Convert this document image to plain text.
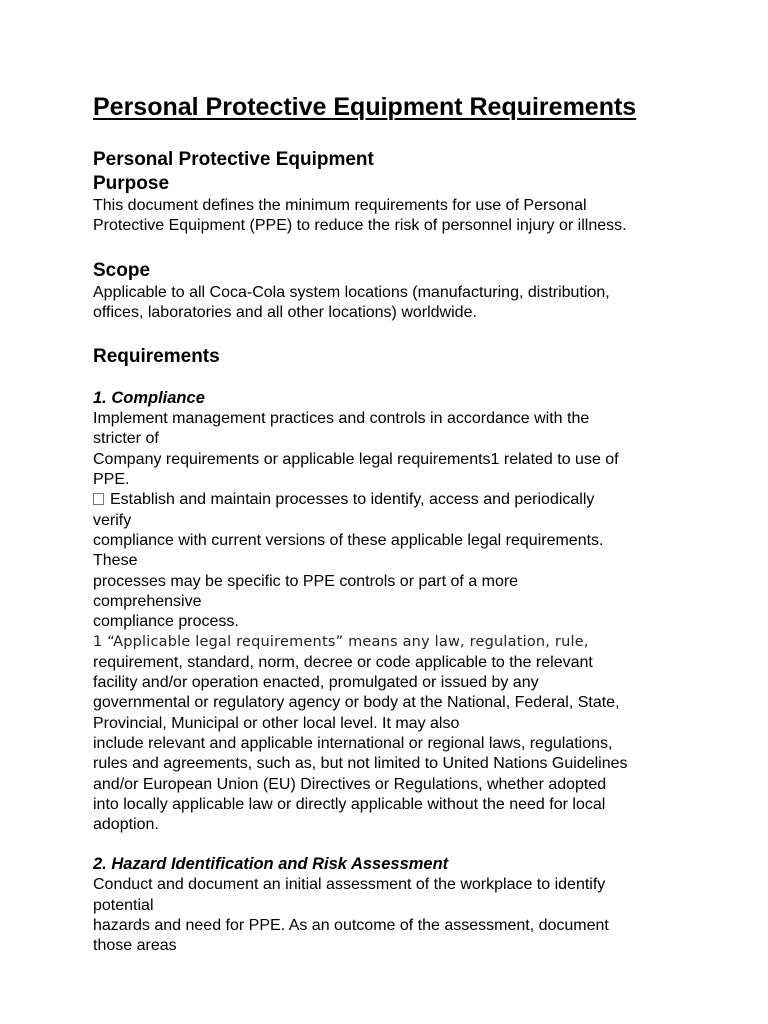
Personal Protective Equipment Requirements
Personal Protective Equipment
Purpose
This document defines the minimum requirements for use of Personal
Protective Equipment (PPE) to reduce the risk of personnel injury or illness.
Scope
Applicable to all Coca-Cola system locations (manufacturing, distribution,
offices, laboratories and all other locations) worldwide.
Requirements
1. Compliance
Implement management practices and controls in accordance with the
stricter of
Company requirements or applicable legal requirements1 related to use of
PPE.
Establish and maintain processes to identify, access and periodically
verify
compliance with current versions of these applicable legal requirements.
These
processes may be specific to PPE controls or part of a more
comprehensive
compliance process.
1 “Applicable legal requirements” means any law, regulation, rule,
requirement, standard, norm, decree or code applicable to the relevant
facility and/or operation enacted, promulgated or issued by any
governmental or regulatory agency or body at the National, Federal, State,
Provincial, Municipal or other local level. It may also
include relevant and applicable international or regional laws, regulations,
rules and agreements, such as, but not limited to United Nations Guidelines
and/or European Union (EU) Directives or Regulations, whether adopted
into locally applicable law or directly applicable without the need for local
adoption.
2. Hazard Identification and Risk Assessment
Conduct and document an initial assessment of the workplace to identify
potential
hazards and need for PPE. As an outcome of the assessment, document
those areas
